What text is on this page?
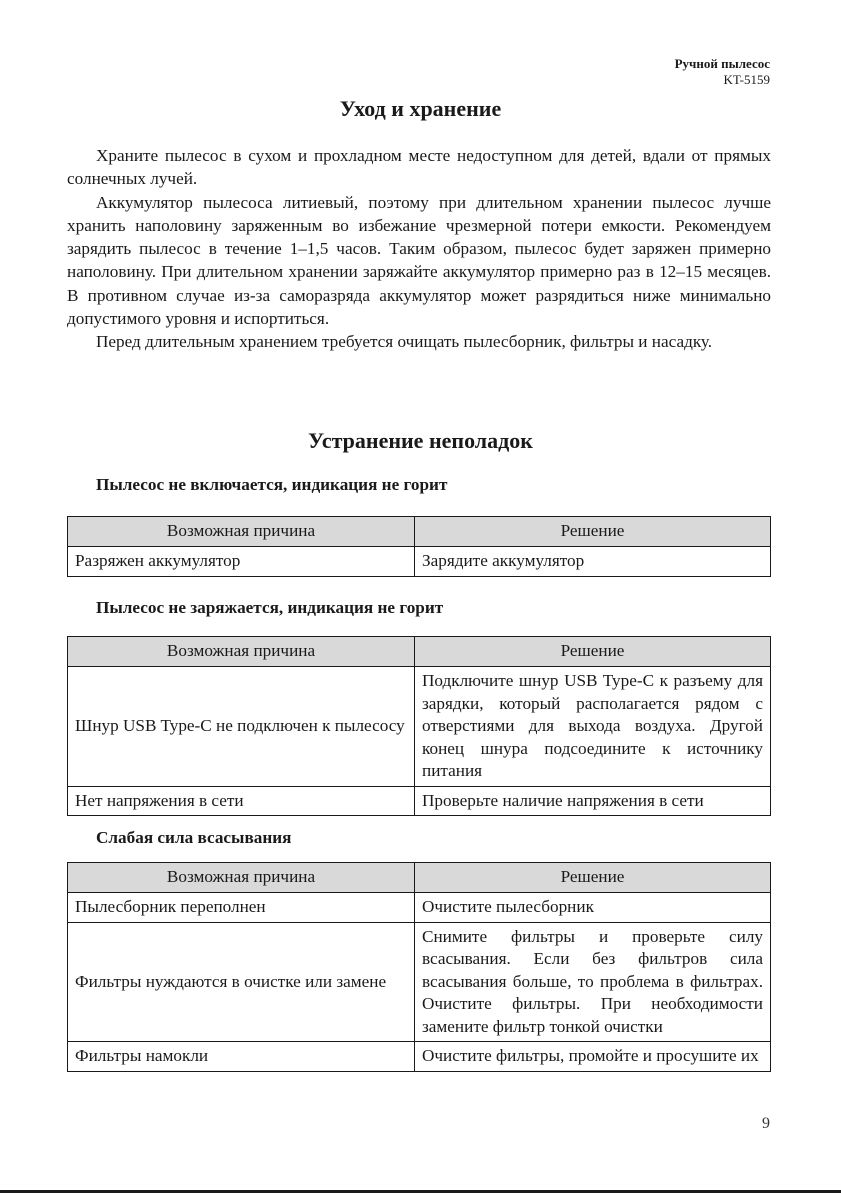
Ручной пылесос
KT-5159
Уход и хранение

Храните пылесос в сухом и прохладном месте недоступном для детей, вдали от прямых солнечных лучей.

Аккумулятор пылесоса литиевый, поэтому при длительном хранении пылесос лучше хранить наполовину заряженным во избежание чрезмерной потери емкости. Рекомендуем зарядить пылесос в течение 1–1,5 часов. Таким образом, пылесос будет заряжен примерно наполовину. При длительном хранении заряжайте аккумулятор примерно раз в 12–15 месяцев. В противном случае из-за саморазряда аккумулятор может разрядиться ниже минимально допустимого уровня и испортиться.

Перед длительным хранением требуется очищать пылесборник, фильтры и насадку.

Устранение неполадок
Пылесос не включается, индикация не горит
Возможная причина	Решение
Разряжен аккумулятор	Зарядите аккумулятор
Пылесос не заряжается, индикация не горит
Возможная причина	Решение
Шнур USB Type-C не подключен к пылесосу	Подключите шнур USB Type-C к разъему для зарядки, который располагается рядом с отверстиями для выхода воздуха. Другой конец шнура подсоедините к источнику питания
Нет напряжения в сети	Проверьте наличие напряжения в сети
Слабая сила всасывания
Возможная причина	Решение
Пылесборник переполнен	Очистите пылесборник
Фильтры нуждаются в очистке или замене	Снимите фильтры и проверьте силу всасывания. Если без фильтров сила всасывания больше, то проблема в фильтрах. Очистите фильтры. При необходимости замените фильтр тонкой очистки
Фильтры намокли	Очистите фильтры, промойте и просушите их
9
